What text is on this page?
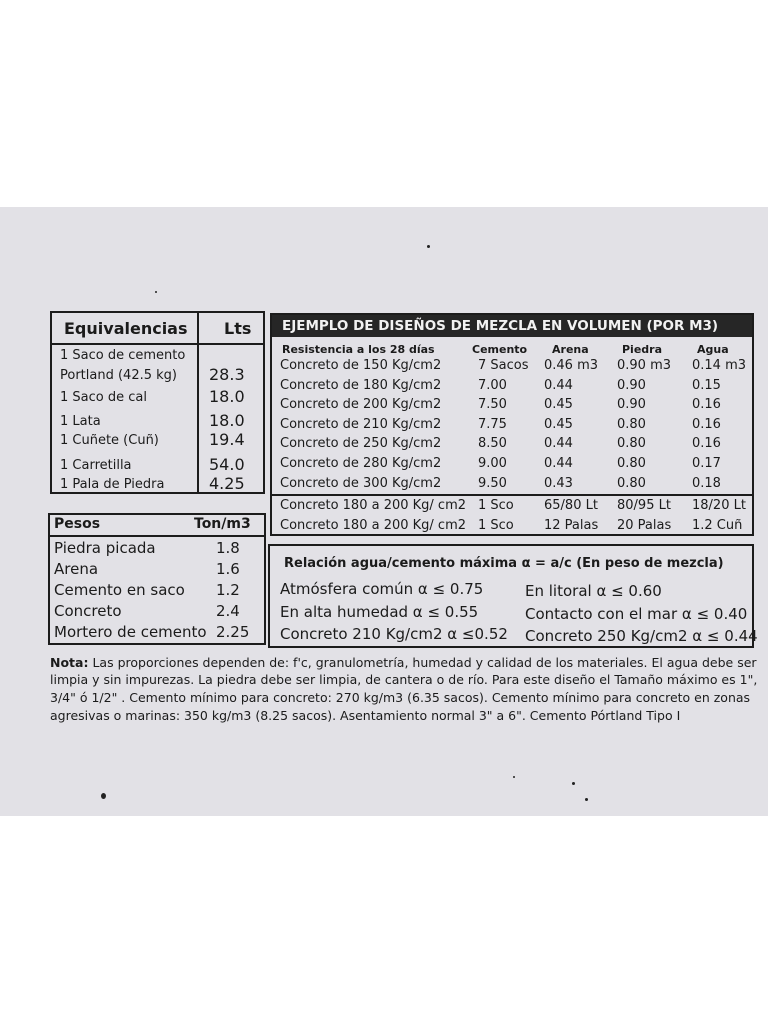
Equivalencias Lts
1 Saco de cemento
Portland (42.5 kg) 28.3
1 Saco de cal	18.0
1 Lata	18.0
1 Cuñete (Cuñ)	19.4
1 Carretilla	54.0
1 Pala de Piedra	4.25
Pesos	Ton/m3
Piedra picada	1.8
Arena	1.6
Cemento en saco 1.2
Concreto	2.4
Mortero de cemento 2.25
EJEMPLO DE DISEÑOS DE MEZCLA EN VOLUMEN (POR M3)
Resistencia a los 28 días	Cemento Arena	Piedra	Agua
Concreto de 150 Kg/cm2	7 Sacos 0.46 m3 0.90 m3 0.14 m3
Concreto de 180 Kg/cm2	7.00	0.44	0.90	0.15
Concreto de 200 Kg/cm2	7.50	0.45	0.90	0.16
Concreto de 210 Kg/cm2	7.75	0.45	0.80	0.16
Concreto de 250 Kg/cm2	8.50	0.44	0.80	0.16
Concreto de 280 Kg/cm2	9.00	0.44	0.80	0.17
Concreto de 300 Kg/cm2	9.50	0.43	0.80	0.18
Concreto 180 a 200 Kg/ cm2 1 Sco 65/80 Lt 80/95 Lt 18/20 Lt
Concreto 180 a 200 Kg/ cm2 1 Sco 12 Palas 20 Palas 1.2 Cuñ
Relación agua/cemento máxima α = a/c (En peso de mezcla)
Atmósfera común α ≤ 0.75	En litoral α ≤ 0.60
En alta humedad α ≤ 0.55	Contacto con el mar α ≤ 0.40
Concreto 210 Kg/cm2 α ≤0.52 Concreto 250 Kg/cm2 α ≤ 0.44
Nota: Las proporciones dependen de: f'c, granulometría, humedad y calidad de los materiales. El agua debe ser
limpia y sin impurezas. La piedra debe ser limpia, de cantera o de río. Para este diseño el Tamaño máximo es 1",
3/4" ó 1/2" . Cemento mínimo para concreto: 270 kg/m3 (6.35 sacos). Cemento mínimo para concreto en zonas
agresivas o marinas: 350 kg/m3 (8.25 sacos). Asentamiento normal 3" a 6". Cemento Pórtland Tipo I
